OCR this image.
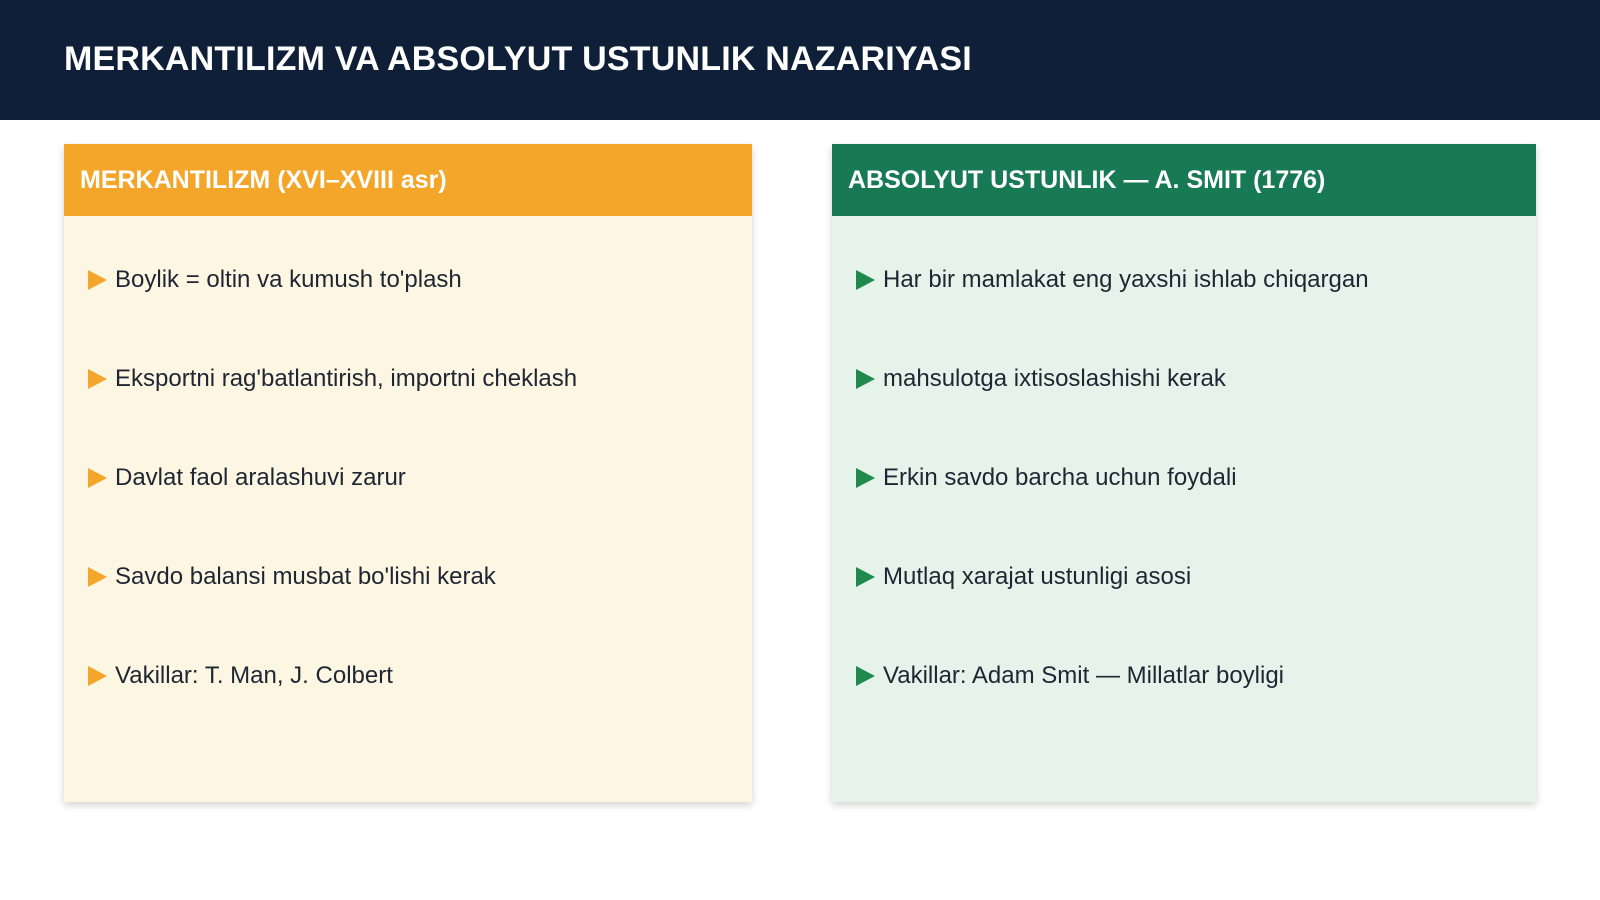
MERKANTILIZM VA ABSOLYUT USTUNLIK NAZARIYASI
MERKANTILIZM (XVI–XVIII asr)
Boylik = oltin va kumush to'plash
Eksportni rag'batlantirish, importni cheklash
Davlat faol aralashuvi zarur
Savdo balansi musbat bo'lishi kerak
Vakillar: T. Man, J. Colbert
ABSOLYUT USTUNLIK — A. SMIT (1776)
Har bir mamlakat eng yaxshi ishlab chiqargan
mahsulotga ixtisoslashishi kerak
Erkin savdo barcha uchun foydali
Mutlaq xarajat ustunligi asosi
Vakillar: Adam Smit — Millatlar boyligi
